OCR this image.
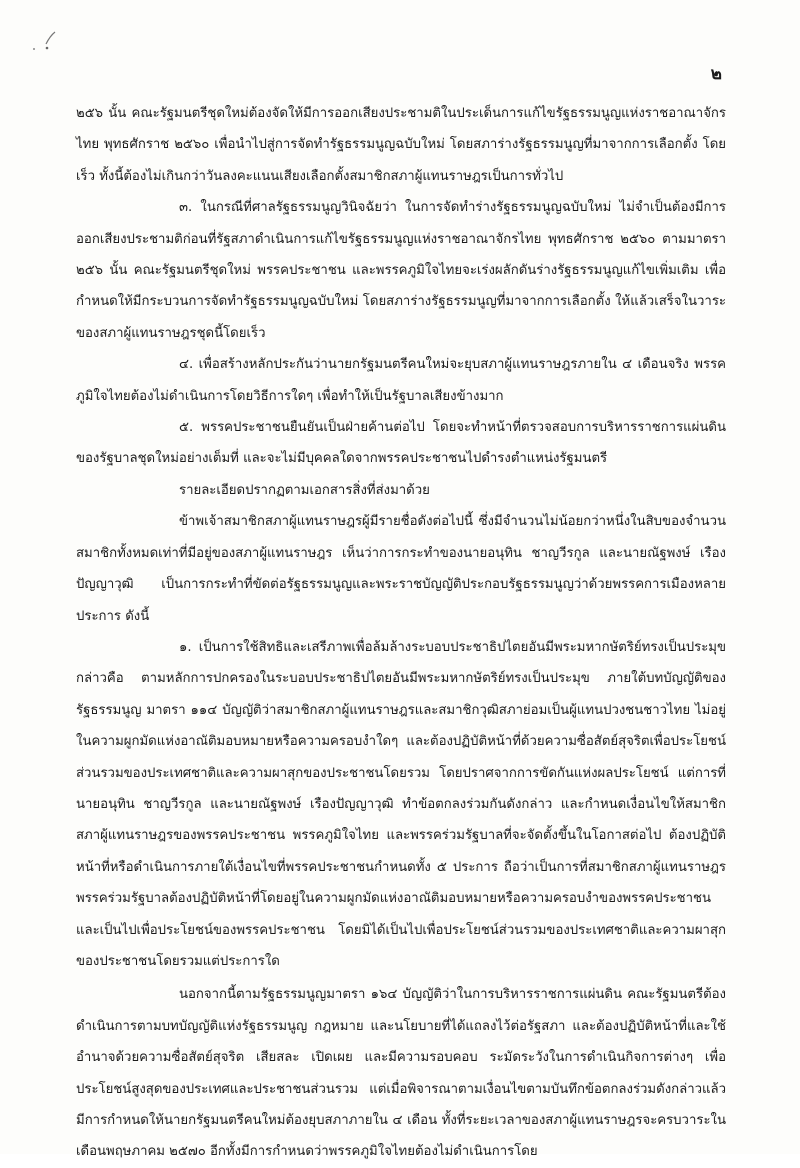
๒

๒๕๖ นั้น คณะรัฐมนตรีชุดใหม่ต้องจัดให้มีการออกเสียงประชามติในประเด็นการแก้ไขรัฐธรรมนูญแห่งราชอาณาจักรไทย พุทธศักราช ๒๕๖๐ เพื่อนำไปสู่การจัดทำรัฐธรรมนูญฉบับใหม่ โดยสภาร่างรัฐธรรมนูญที่มาจากการเลือกตั้ง โดยเร็ว ทั้งนี้ต้องไม่เกินกว่าวันลงคะแนนเสียงเลือกตั้งสมาชิกสภาผู้แทนราษฎรเป็นการทั่วไป

๓. ในกรณีที่ศาลรัฐธรรมนูญวินิจฉัยว่า ในการจัดทำร่างรัฐธรรมนูญฉบับใหม่ ไม่จำเป็นต้องมีการออกเสียงประชามติก่อนที่รัฐสภาดำเนินการแก้ไขรัฐธรรมนูญแห่งราชอาณาจักรไทย พุทธศักราช ๒๕๖๐ ตามมาตรา ๒๕๖ นั้น คณะรัฐมนตรีชุดใหม่ พรรคประชาชน และพรรคภูมิใจไทยจะเร่งผลักดันร่างรัฐธรรมนูญแก้ไขเพิ่มเติม เพื่อกำหนดให้มีกระบวนการจัดทำรัฐธรรมนูญฉบับใหม่ โดยสภาร่างรัฐธรรมนูญที่มาจากการเลือกตั้ง ให้แล้วเสร็จในวาระของสภาผู้แทนราษฎรชุดนี้โดยเร็ว

๔. เพื่อสร้างหลักประกันว่านายกรัฐมนตรีคนใหม่จะยุบสภาผู้แทนราษฎรภายใน ๔ เดือนจริง พรรคภูมิใจไทยต้องไม่ดำเนินการโดยวิธีการใดๆ เพื่อทำให้เป็นรัฐบาลเสียงข้างมาก

๕. พรรคประชาชนยืนยันเป็นฝ่ายค้านต่อไป โดยจะทำหน้าที่ตรวจสอบการบริหารราชการแผ่นดินของรัฐบาลชุดใหม่อย่างเต็มที่ และจะไม่มีบุคคลใดจากพรรคประชาชนไปดำรงตำแหน่งรัฐมนตรี

รายละเอียดปรากฏตามเอกสารสิ่งที่ส่งมาด้วย

ข้าพเจ้าสมาชิกสภาผู้แทนราษฎรผู้มีรายชื่อดังต่อไปนี้ ซึ่งมีจำนวนไม่น้อยกว่าหนึ่งในสิบของจำนวนสมาชิกทั้งหมดเท่าที่มีอยู่ของสภาผู้แทนราษฎร เห็นว่าการกระทำของนายอนุทิน ชาญวีรกูล และนายณัฐพงษ์ เรืองปัญญาวุฒิ เป็นการกระทำที่ขัดต่อรัฐธรรมนูญและพระราชบัญญัติประกอบรัฐธรรมนูญว่าด้วยพรรคการเมืองหลายประการ ดังนี้

๑. เป็นการใช้สิทธิและเสรีภาพเพื่อล้มล้างระบอบประชาธิปไตยอันมีพระมหากษัตริย์ทรงเป็นประมุข กล่าวคือ ตามหลักการปกครองในระบอบประชาธิปไตยอันมีพระมหากษัตริย์ทรงเป็นประมุข ภายใต้บทบัญญัติของรัฐธรรมนูญ มาตรา ๑๑๔ บัญญัติว่าสมาชิกสภาผู้แทนราษฎรและสมาชิกวุฒิสภาย่อมเป็นผู้แทนปวงชนชาวไทย ไม่อยู่ในความผูกมัดแห่งอาณัติมอบหมายหรือความครอบงำใดๆ และต้องปฏิบัติหน้าที่ด้วยความซื่อสัตย์สุจริตเพื่อประโยชน์ส่วนรวมของประเทศชาติและความผาสุกของประชาชนโดยรวม โดยปราศจากการขัดกันแห่งผลประโยชน์ แต่การที่นายอนุทิน ชาญวีรกูล และนายณัฐพงษ์ เรืองปัญญาวุฒิ ทำข้อตกลงร่วมกันดังกล่าว และกำหนดเงื่อนไขให้สมาชิกสภาผู้แทนราษฎรของพรรคประชาชน พรรคภูมิใจไทย และพรรคร่วมรัฐบาลที่จะจัดตั้งขึ้นในโอกาสต่อไป ต้องปฏิบัติหน้าที่หรือดำเนินการภายใต้เงื่อนไขที่พรรคประชาชนกำหนดทั้ง ๕ ประการ ถือว่าเป็นการที่สมาชิกสภาผู้แทนราษฎรพรรคร่วมรัฐบาลต้องปฏิบัติหน้าที่โดยอยู่ในความผูกมัดแห่งอาณัติมอบหมายหรือความครอบงำของพรรคประชาชนและเป็นไปเพื่อประโยชน์ของพรรคประชาชน โดยมิได้เป็นไปเพื่อประโยชน์ส่วนรวมของประเทศชาติและความผาสุกของประชาชนโดยรวมแต่ประการใด

นอกจากนี้ตามรัฐธรรมนูญมาตรา ๑๖๔ บัญญัติว่าในการบริหารราชการแผ่นดิน คณะรัฐมนตรีต้องดำเนินการตามบทบัญญัติแห่งรัฐธรรมนูญ กฎหมาย และนโยบายที่ได้แถลงไว้ต่อรัฐสภา และต้องปฏิบัติหน้าที่และใช้อำนาจด้วยความซื่อสัตย์สุจริต เสียสละ เปิดเผย และมีความรอบคอบ ระมัดระวังในการดำเนินกิจการต่างๆ เพื่อประโยชน์สูงสุดของประเทศและประชาชนส่วนรวม แต่เมื่อพิจารณาตามเงื่อนไขตามบันทึกข้อตกลงร่วมดังกล่าวแล้ว มีการกำหนดให้นายกรัฐมนตรีคนใหม่ต้องยุบสภาภายใน ๔ เดือน ทั้งที่ระยะเวลาของสภาผู้แทนราษฎรจะครบวาระในเดือนพฤษภาคม ๒๕๗๐ อีกทั้งมีการกำหนดว่าพรรคภูมิใจไทยต้องไม่ดำเนินการโดย
